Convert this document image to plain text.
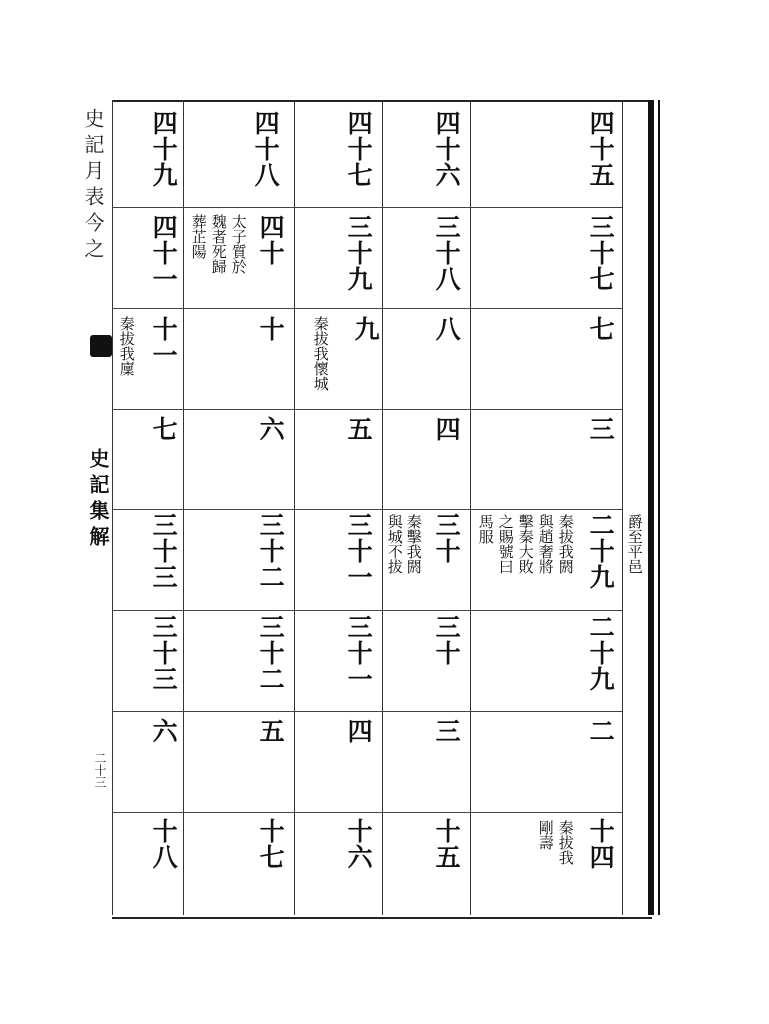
史記月表今之
史記集解
二十三
四十五
三十七
七
三
二十九
二十九
二
十四
爵至平邑
秦拔我閼
與趙奢將
擊秦大敗
之賜號曰
馬服
秦拔我
剛壽
四十六
三十八
八
四
三十
三十
三
十五
秦擊我閼
與城不拔
四十七
三十九
九
五
三十一
三十一
四
十六
秦拔我懷城
四十八
四十
十
六
三十二
三十二
五
十七
太子質於
魏者死歸
葬芷陽
四十九
四十一
十一
七
三十三
三十三
六
十八
秦拔我廩
